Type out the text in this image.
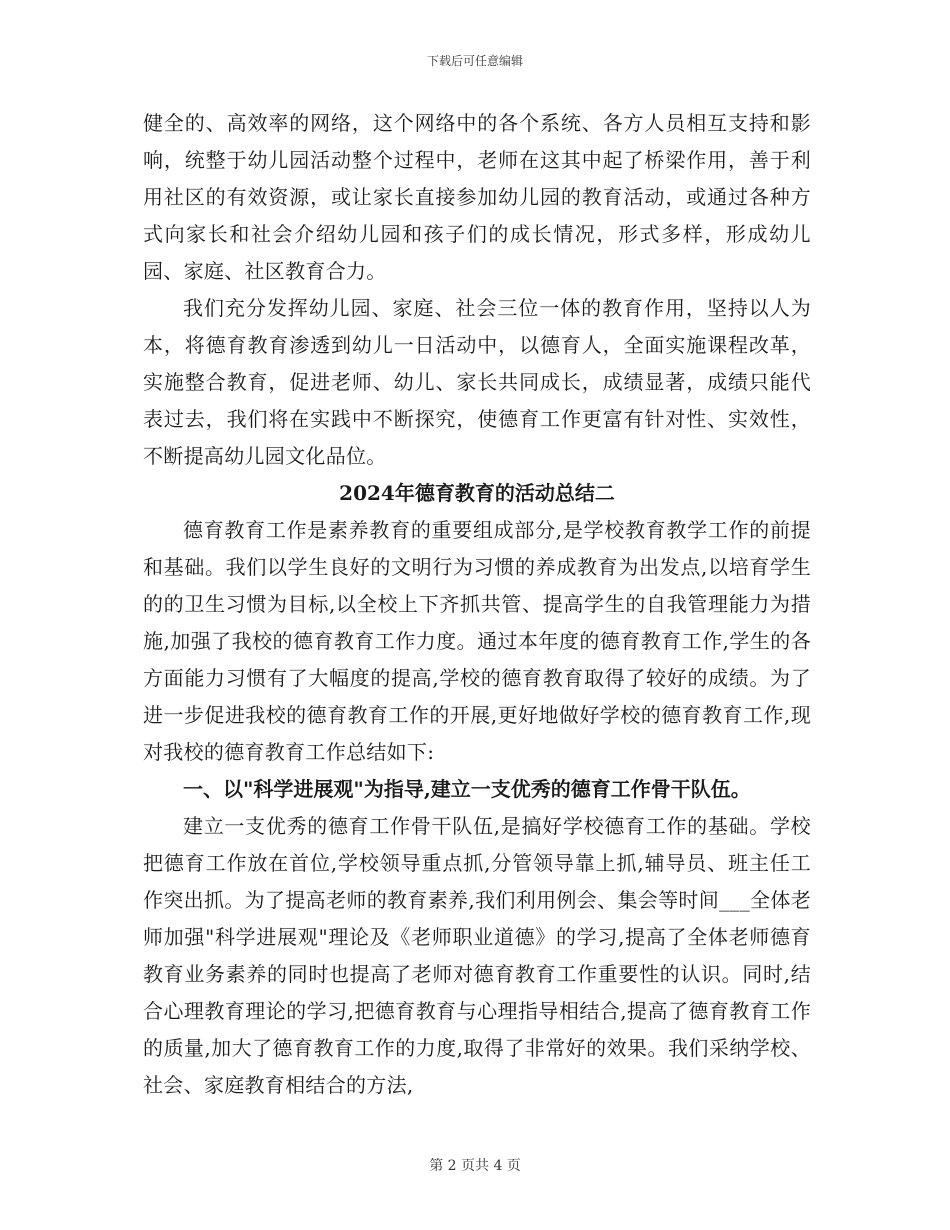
下载后可任意编辑

健全的、高效率的网络，这个网络中的各个系统、各方人员相互支持和影响，统整于幼儿园活动整个过程中，老师在这其中起了桥梁作用，善于利用社区的有效资源，或让家长直接参加幼儿园的教育活动，或通过各种方式向家长和社会介绍幼儿园和孩子们的成长情况，形式多样，形成幼儿园、家庭、社区教育合力。

我们充分发挥幼儿园、家庭、社会三位一体的教育作用，坚持以人为本，将德育教育渗透到幼儿一日活动中，以德育人，全面实施课程改革，实施整合教育，促进老师、幼儿、家长共同成长，成绩显著，成绩只能代表过去，我们将在实践中不断探究，使德育工作更富有针对性、实效性，不断提高幼儿园文化品位。

2024年德育教育的活动总结二

德育教育工作是素养教育的重要组成部分,是学校教育教学工作的前提和基础。我们以学生良好的文明行为习惯的养成教育为出发点,以培育学生的的卫生习惯为目标,以全校上下齐抓共管、提高学生的自我管理能力为措施,加强了我校的德育教育工作力度。通过本年度的德育教育工作,学生的各方面能力习惯有了大幅度的提高,学校的德育教育取得了较好的成绩。为了进一步促进我校的德育教育工作的开展,更好地做好学校的德育教育工作,现对我校的德育教育工作总结如下:

一、以"科学进展观"为指导,建立一支优秀的德育工作骨干队伍。

建立一支优秀的德育工作骨干队伍,是搞好学校德育工作的基础。学校把德育工作放在首位,学校领导重点抓,分管领导靠上抓,辅导员、班主任工作突出抓。为了提高老师的教育素养,我们利用例会、集会等时间___全体老师加强"科学进展观"理论及《老师职业道德》的学习,提高了全体老师德育教育业务素养的同时也提高了老师对德育教育工作重要性的认识。同时,结合心理教育理论的学习,把德育教育与心理指导相结合,提高了德育教育工作的质量,加大了德育教育工作的力度,取得了非常好的效果。我们采纳学校、社会、家庭教育相结合的方法,

第 2 页共 4 页
